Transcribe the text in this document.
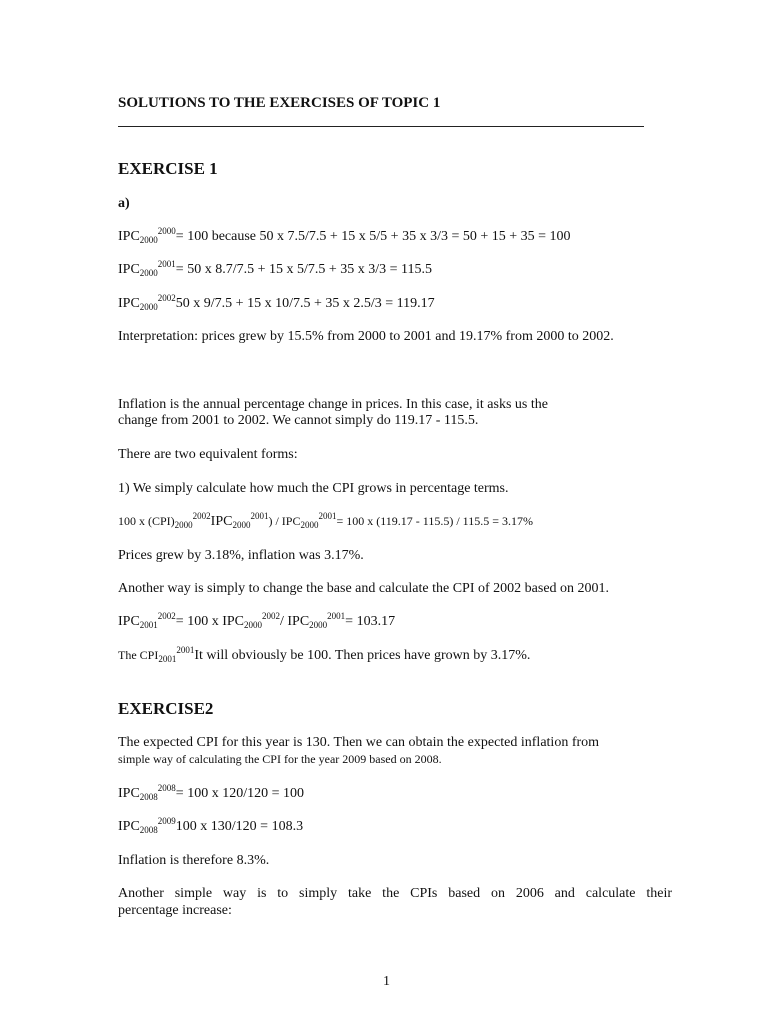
SOLUTIONS TO THE EXERCISES OF TOPIC 1
EXERCISE 1
a)
$IPC_{2000}^{2000}= 100$ because 50 x 7.5/7.5 + 15 x 5/5 + 35 x 3/3 = 50 + 15 + 35 = 100
$IPC_{2000}^{2001}= 50$ x 8.7/7.5 + 15 x 5/7.5 + 35 x 3/3 = 115.5
$IPC_{2000}^{2002}50$ x 9/7.5 + 15 x 10/7.5 + 35 x 2.5/3 = 119.17
Interpretation: prices grew by 15.5% from 2000 to 2001 and 19.17% from 2000 to 2002.
Inflation is the annual percentage change in prices. In this case, it asks us the
change from 2001 to 2002. We cannot simply do 119.17 - 115.5.
There are two equivalent forms:
1) We simply calculate how much the CPI grows in percentage terms.
100 x $(CPI)_{2000}^{2002}IPC_{2000}^{2001}) / IPC_{2000}^{2001}= 100$ x (119.17 - 115.5) / 115.5 = 3.17%
Prices grew by 3.18%, inflation was 3.17%.
Another way is simply to change the base and calculate the CPI of 2002 based on 2001.
$IPC_{2001}^{2002}= 100$ x $IPC_{2000}^{2002}/$ $IPC_{2000}^{2001}= 103.17$
The $CPI_{2001}^{2001}It$ will obviously be 100. Then prices have grown by 3.17%.
EXERCISE2
The expected CPI for this year is 130. Then we can obtain the expected inflation from
simple way of calculating the CPI for the year 2009 based on 2008.
$IPC_{2008}^{2008}= 100$ x 120/120 = 100
$IPC_{2008}^{2009}100$ x 130/120 = 108.3
Inflation is therefore 8.3%.
Another simple way is to simply take the CPIs based on 2006 and calculate their
percentage increase:
1
